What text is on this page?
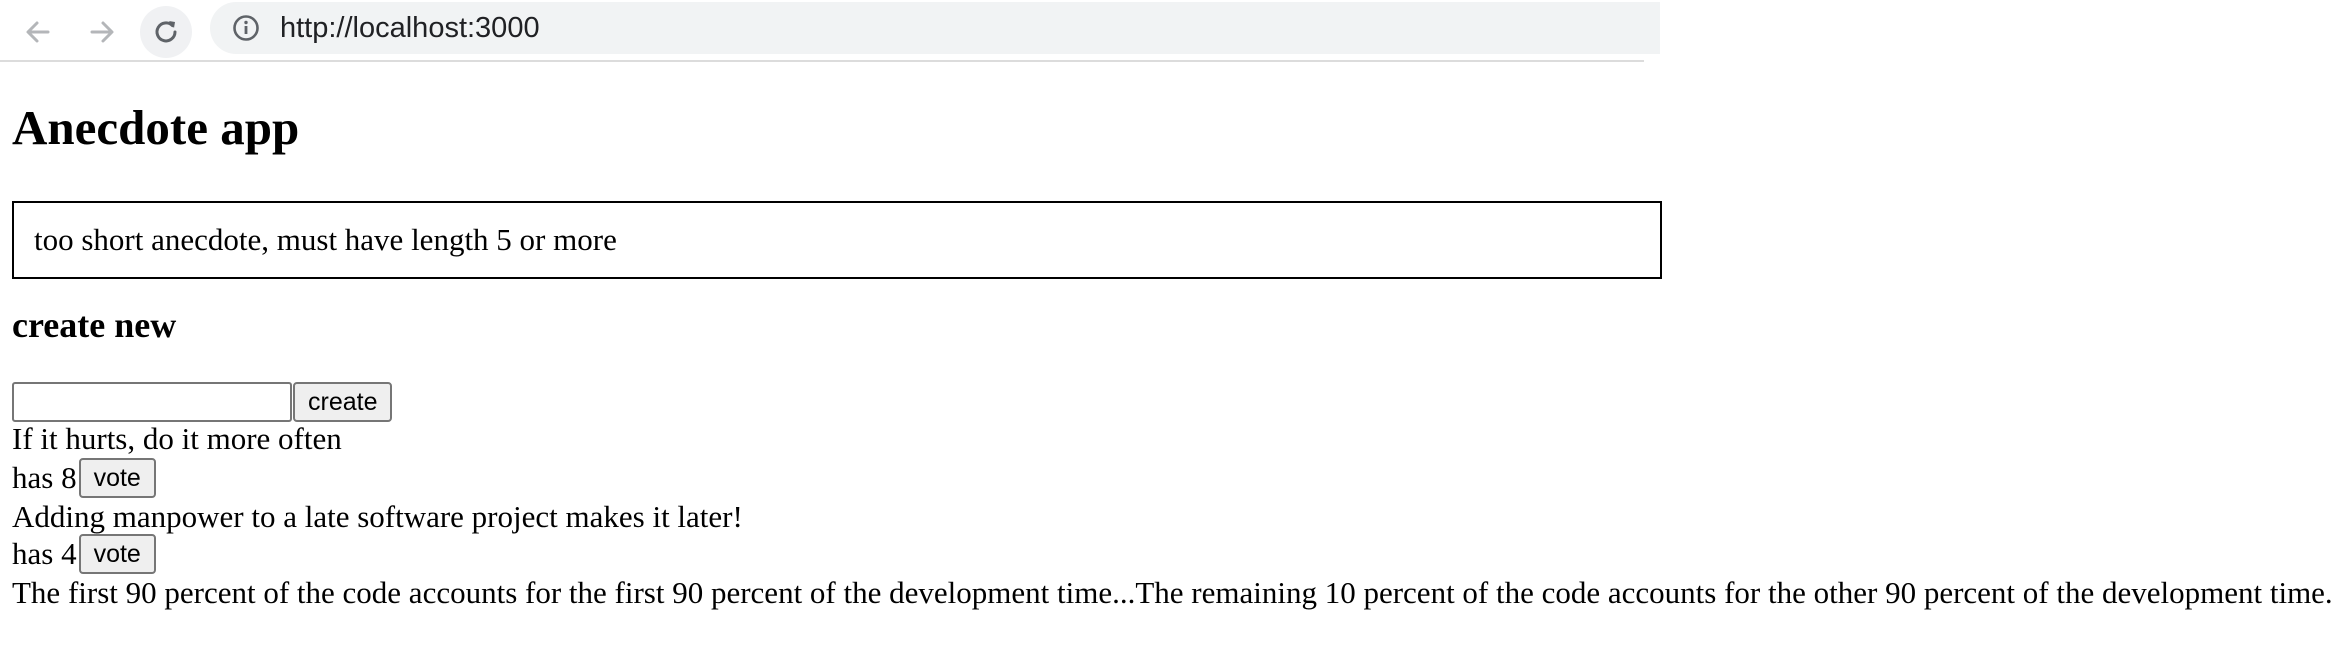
http://localhost:3000
Anecdote app
too short anecdote, must have length 5 or more
create new
create
If it hurts, do it more often
has
8 vote
Adding manpower to a late software project makes it later!
has
4 vote
The first 90 percent of the code accounts for the first 90 percent of the development time...The remaining 10 percent of the code accounts for the other 90 percent of the development time.
